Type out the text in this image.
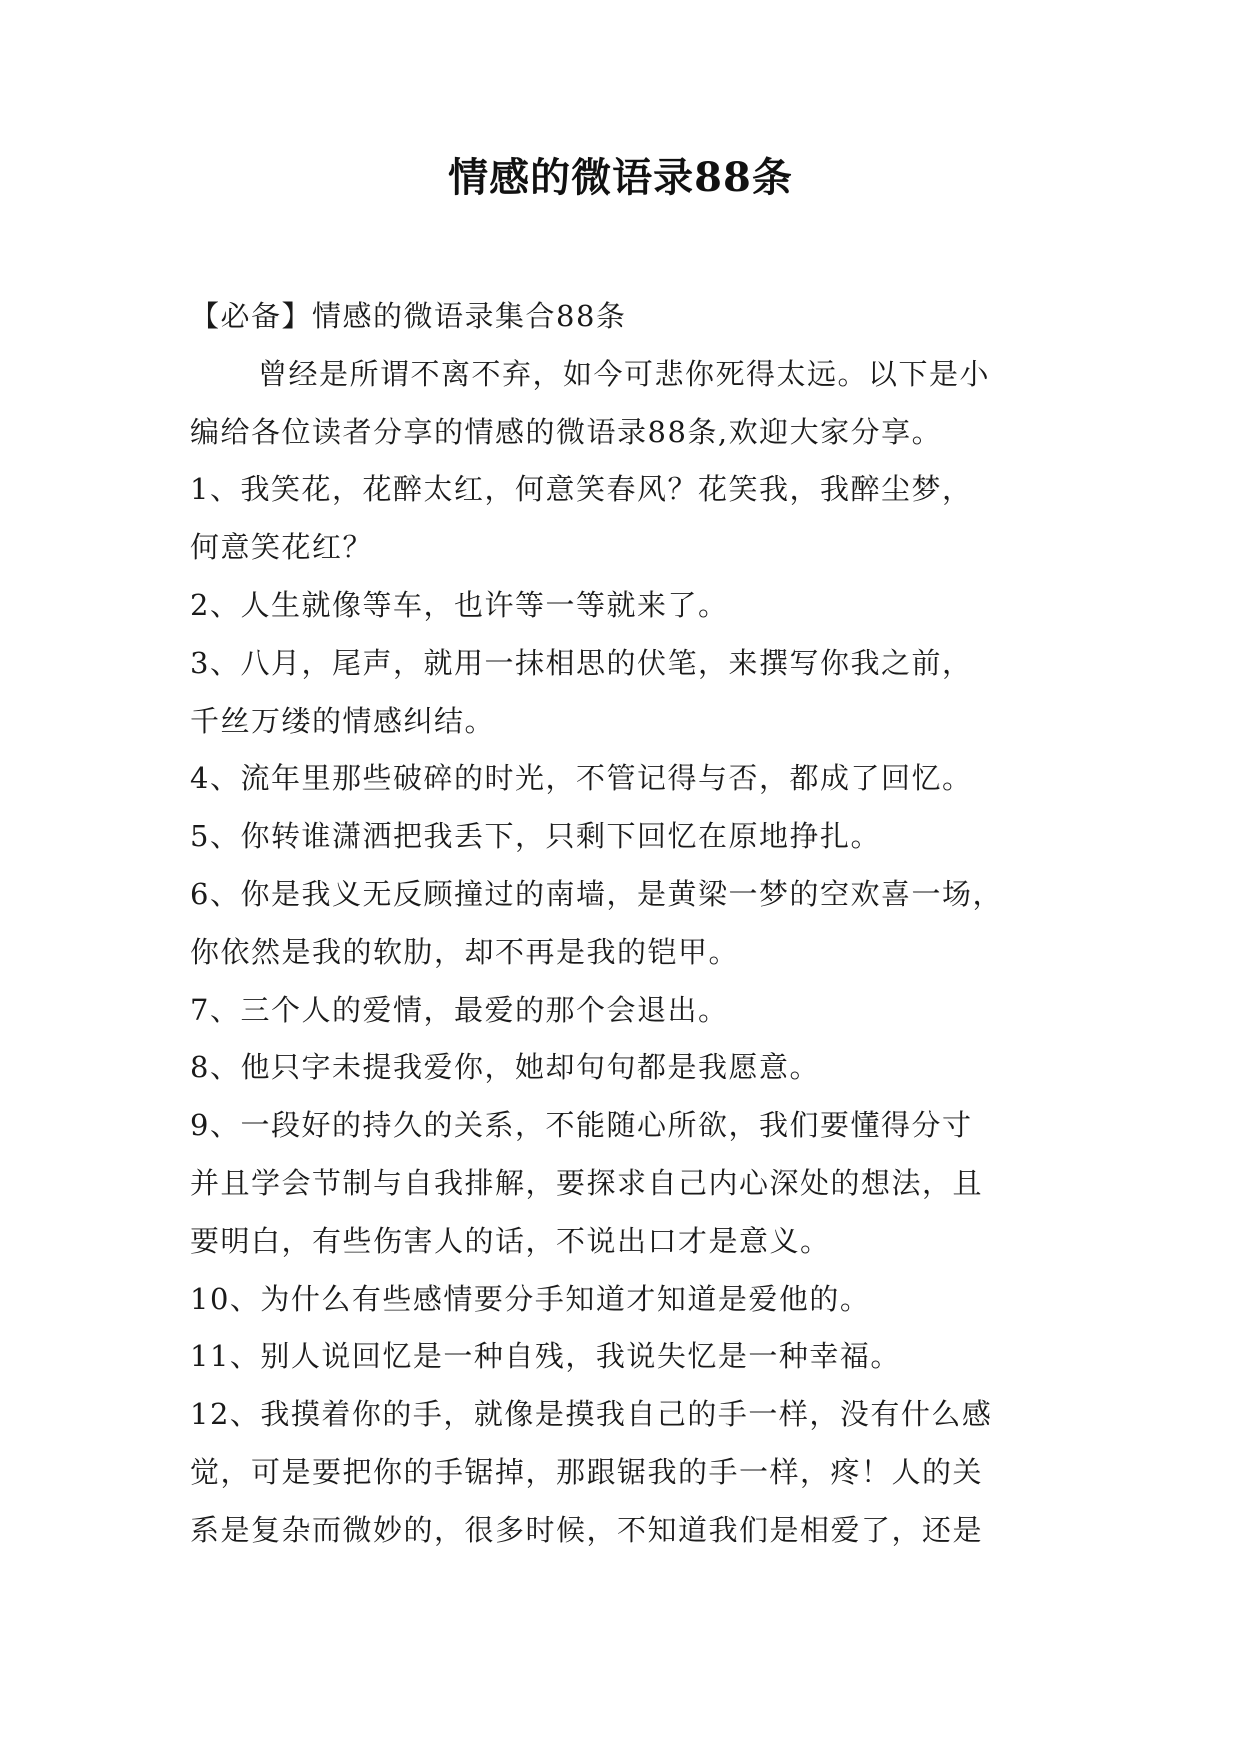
情感的微语录88条
【必备】情感的微语录集合88条
曾经是所谓不离不弃，如今可悲你死得太远。以下是小
编给各位读者分享的情感的微语录88条,欢迎大家分享。
1、我笑花，花醉太红，何意笑春风？花笑我，我醉尘梦，
何意笑花红？
2、人生就像等车，也许等一等就来了。
3、八月，尾声，就用一抹相思的伏笔，来撰写你我之前，
千丝万缕的情感纠结。
4、流年里那些破碎的时光，不管记得与否，都成了回忆。
5、你转谁潇洒把我丢下，只剩下回忆在原地挣扎。
6、你是我义无反顾撞过的南墙，是黄梁一梦的空欢喜一场，
你依然是我的软肋，却不再是我的铠甲。
7、三个人的爱情，最爱的那个会退出。
8、他只字未提我爱你，她却句句都是我愿意。
9、一段好的持久的关系，不能随心所欲，我们要懂得分寸
并且学会节制与自我排解，要探求自己内心深处的想法，且
要明白，有些伤害人的话，不说出口才是意义。
10、为什么有些感情要分手知道才知道是爱他的。
11、别人说回忆是一种自残，我说失忆是一种幸福。
12、我摸着你的手，就像是摸我自己的手一样，没有什么感
觉，可是要把你的手锯掉，那跟锯我的手一样，疼！人的关
系是复杂而微妙的，很多时候，不知道我们是相爱了，还是
